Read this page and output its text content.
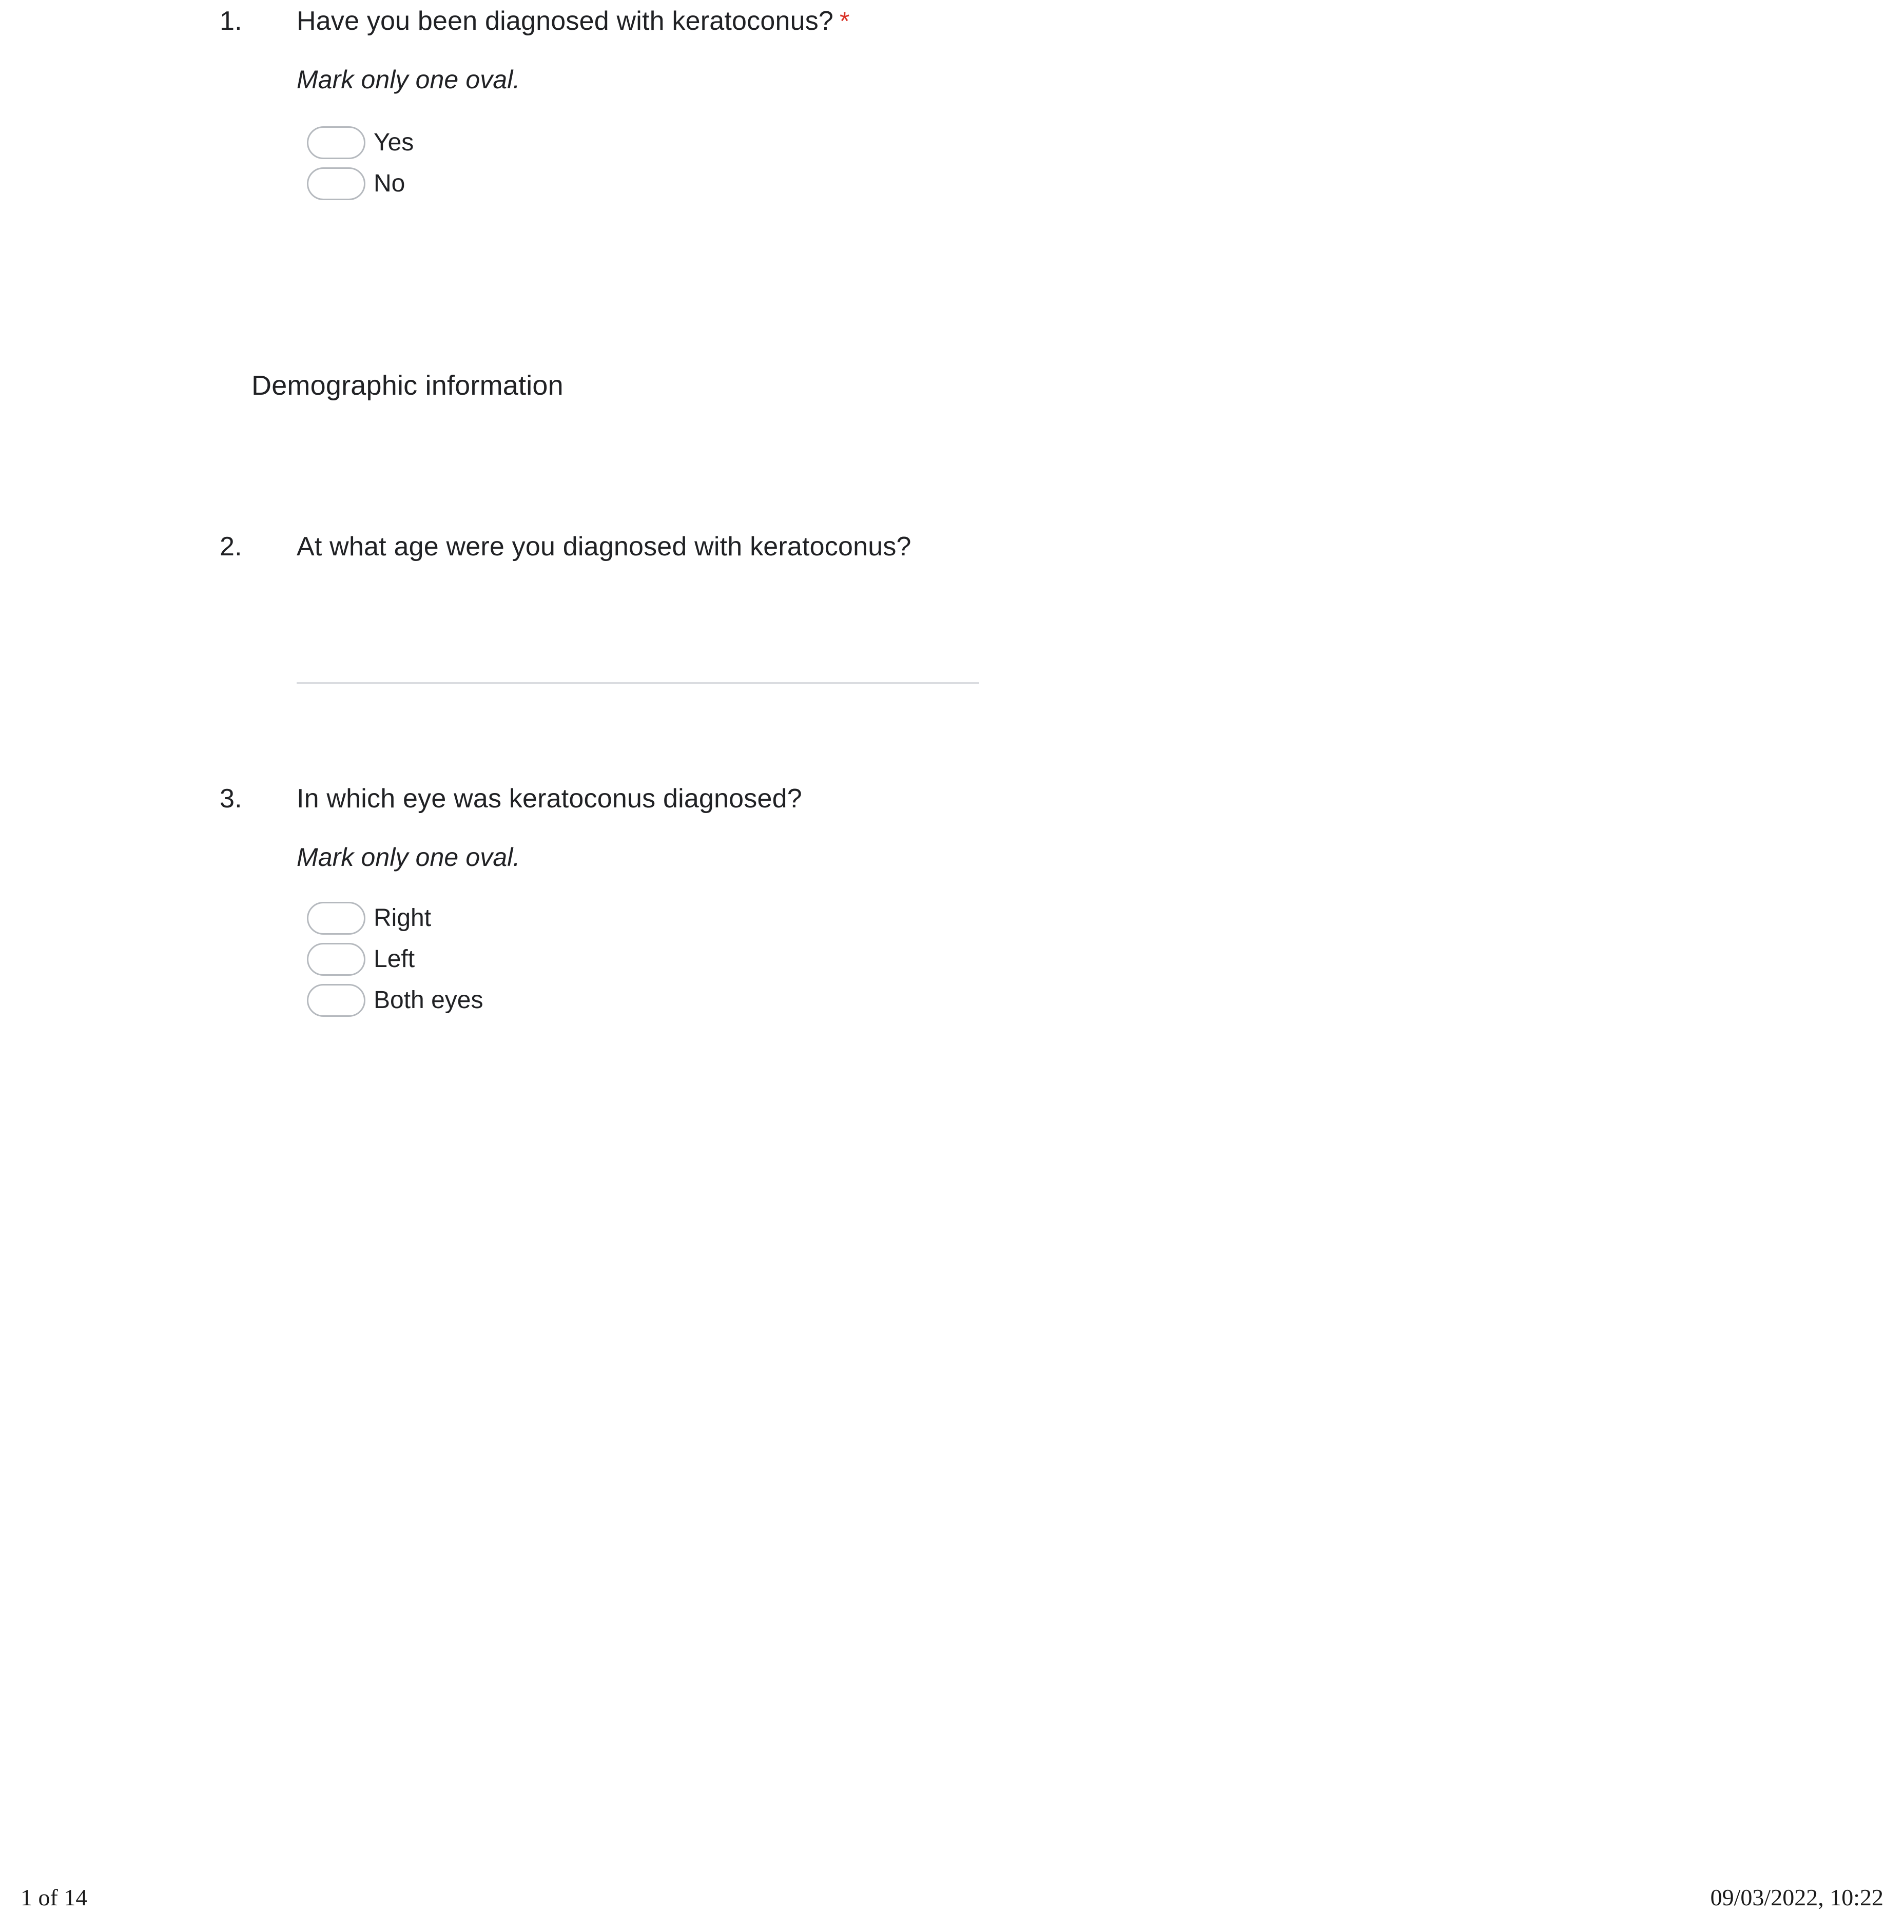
1.	Have you been diagnosed with keratoconus? *
Mark only one oval.
Yes
No
Demographic information
2.	At what age were you diagnosed with keratoconus?
3.	In which eye was keratoconus diagnosed?
Mark only one oval.
Right
Left
Both eyes
1 of 14	09/03/2022, 10:22
